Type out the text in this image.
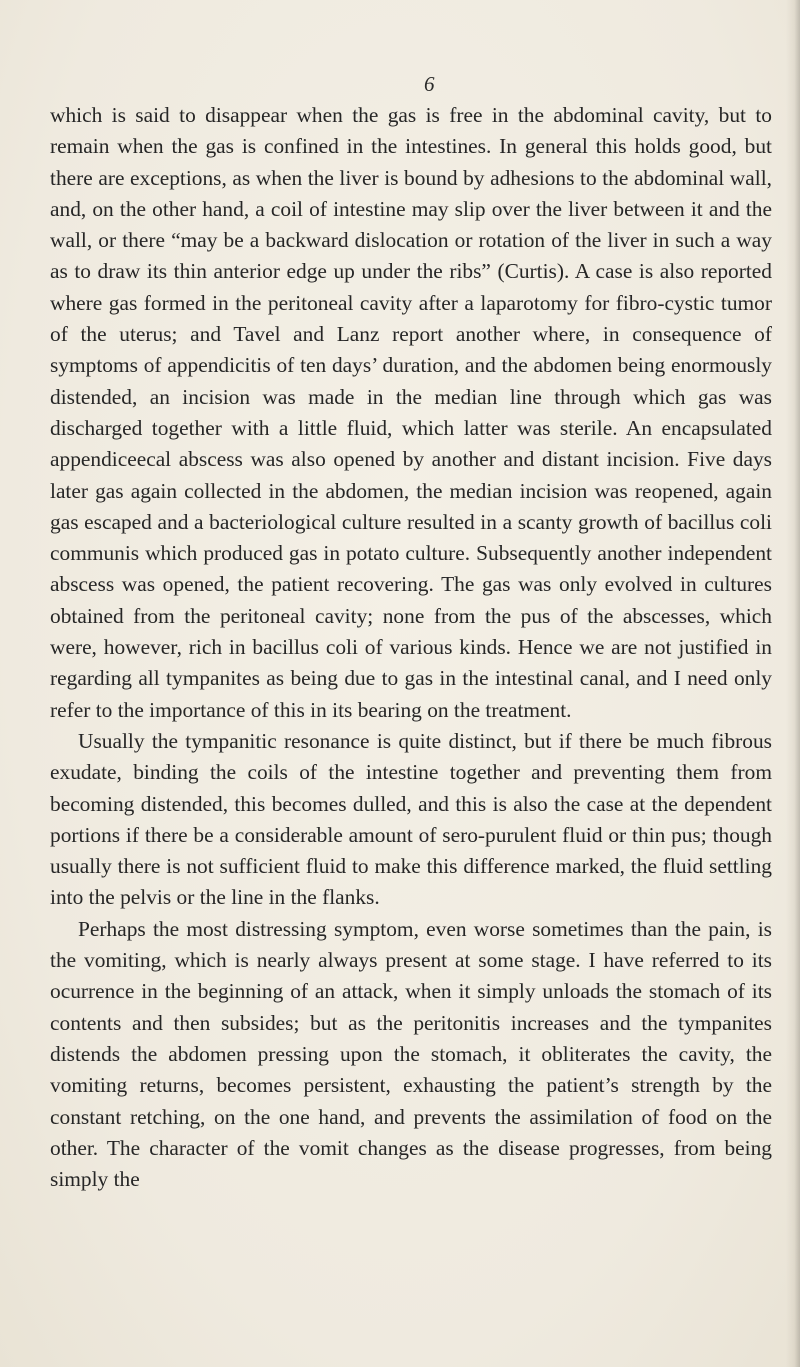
6

which is said to disappear when the gas is free in the abdominal cavity, but to remain when the gas is confined in the intestines. In general this holds good, but there are exceptions, as when the liver is bound by adhesions to the abdominal wall, and, on the other hand, a coil of intestine may slip over the liver between it and the wall, or there “may be a backward dislocation or rotation of the liver in such a way as to draw its thin anterior edge up under the ribs” (Curtis). A case is also reported where gas formed in the peritoneal cavity after a laparotomy for fibro-cystic tumor of the uterus; and Tavel and Lanz report another where, in consequence of symptoms of appendicitis of ten days’ duration, and the abdomen being enormously distended, an incision was made in the median line through which gas was discharged together with a little fluid, which latter was sterile. An encapsulated appendiceecal abscess was also opened by another and distant incision. Five days later gas again collected in the abdomen, the median incision was reopened, again gas escaped and a bacteriological culture resulted in a scanty growth of bacillus coli communis which produced gas in potato culture. Subsequently another independent abscess was opened, the patient recovering. The gas was only evolved in cultures obtained from the peritoneal cavity; none from the pus of the abscesses, which were, however, rich in bacillus coli of various kinds. Hence we are not justified in regarding all tympanites as being due to gas in the intestinal canal, and I need only refer to the importance of this in its bearing on the treatment.

Usually the tympanitic resonance is quite distinct, but if there be much fibrous exudate, binding the coils of the intestine together and preventing them from becoming distended, this becomes dulled, and this is also the case at the dependent portions if there be a considerable amount of sero-purulent fluid or thin pus; though usually there is not sufficient fluid to make this difference marked, the fluid settling into the pelvis or the line in the flanks.

Perhaps the most distressing symptom, even worse sometimes than the pain, is the vomiting, which is nearly always present at some stage. I have referred to its ocurrence in the beginning of an attack, when it simply unloads the stomach of its contents and then subsides; but as the peritonitis increases and the tympanites distends the abdomen pressing upon the stomach, it obliterates the cavity, the vomiting returns, becomes persistent, exhausting the patient’s strength by the constant retching, on the one hand, and prevents the assimilation of food on the other. The character of the vomit changes as the disease progresses, from being simply the
